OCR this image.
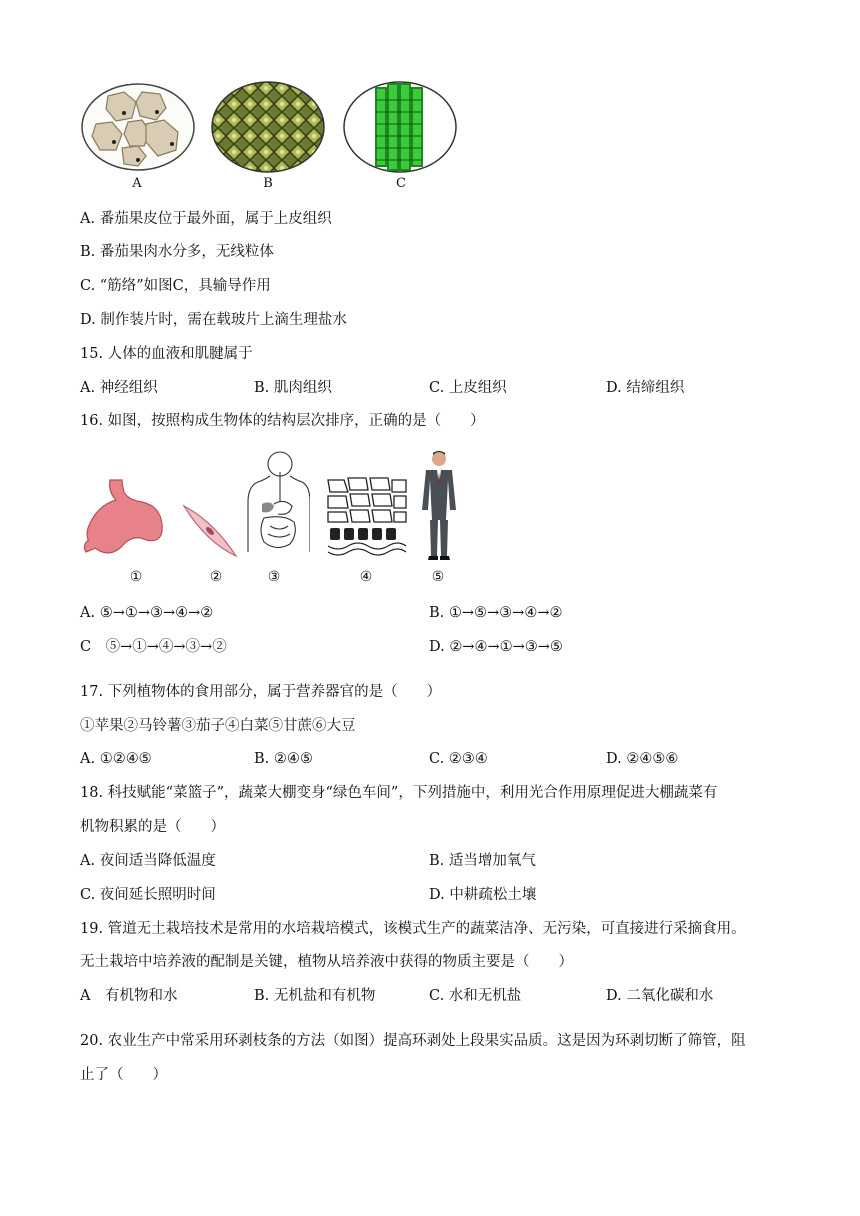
A	B	C
A. 番茄果皮位于最外面，属于上皮组织
B. 番茄果肉水分多，无线粒体
C. “筋络”如图C，具输导作用
D. 制作装片时，需在载玻片上滴生理盐水
15. 人体的血液和肌腱属于
A. 神经组织	B. 肌肉组织	C. 上皮组织	D. 结缔组织
16. 如图，按照构成生物体的结构层次排序，正确的是（　　）
①	②	③	④	⑤
A. ⑤→①→③→④→②	B. ①→⑤→③→④→②
C　⑤→①→④→③→②	D. ②→④→①→③→⑤
17. 下列植物体的食用部分，属于营养器官的是（　　）
①苹果②马铃薯③茄子④白菜⑤甘蔗⑥大豆
A. ①②④⑤	B. ②④⑤	C. ②③④	D. ②④⑤⑥
18. 科技赋能“菜篮子”，蔬菜大棚变身“绿色车间”，下列措施中，利用光合作用原理促进大棚蔬菜有
机物积累的是（　　）
A. 夜间适当降低温度	B. 适当增加氧气
C. 夜间延长照明时间	D. 中耕疏松土壤
19. 管道无土栽培技术是常用的水培栽培模式，该模式生产的蔬菜洁净、无污染，可直接进行采摘食用。
无土栽培中培养液的配制是关键，植物从培养液中获得的物质主要是（　　）
A　有机物和水	B. 无机盐和有机物	C. 水和无机盐	D. 二氧化碳和水
20. 农业生产中常采用环剥枝条的方法（如图）提高环剥处上段果实品质。这是因为环剥切断了筛管，阻
止了（　　）
